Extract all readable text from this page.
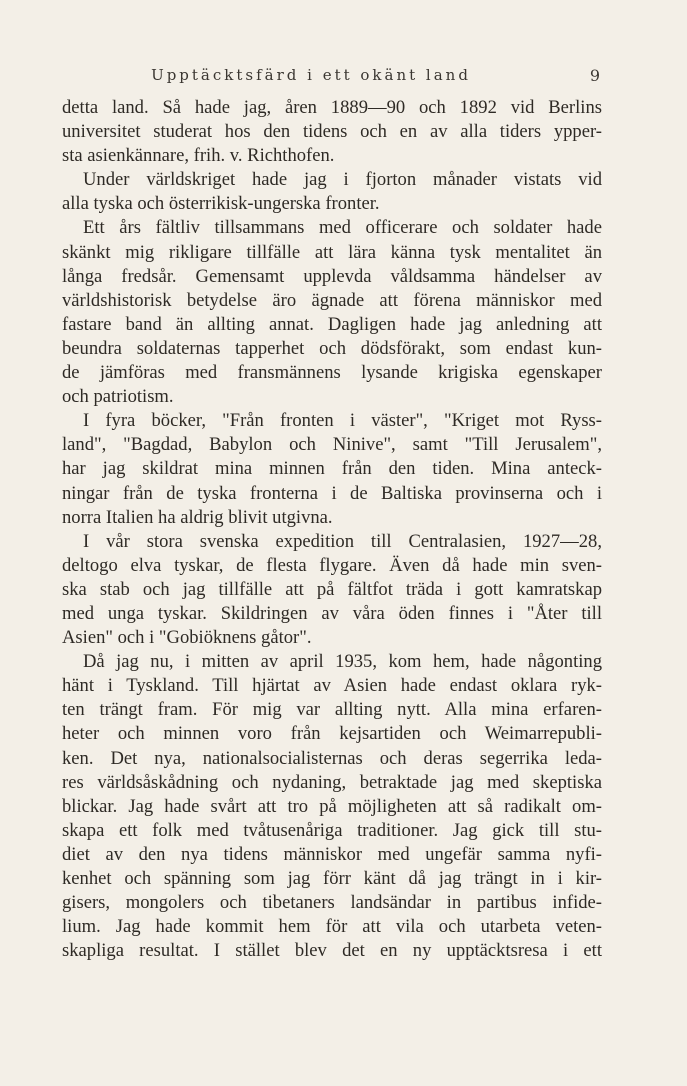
Upptäcktsfärd i ett okänt land	9
detta land. Så hade jag, åren 1889—90 och 1892 vid Berlins
universitet studerat hos den tidens och en av alla tiders ypper-
sta asienkännare, frih. v. Richthofen.
Under världskriget hade jag i fjorton månader vistats vid
alla tyska och österrikisk-ungerska fronter.
Ett års fältliv tillsammans med officerare och soldater hade
skänkt mig rikligare tillfälle att lära känna tysk mentalitet än
långa fredsår. Gemensamt upplevda våldsamma händelser av
världshistorisk betydelse äro ägnade att förena människor med
fastare band än allting annat. Dagligen hade jag anledning att
beundra soldaternas tapperhet och dödsförakt, som endast kun-
de jämföras med fransmännens lysande krigiska egenskaper
och patriotism.
I fyra böcker, "Från fronten i väster", "Kriget mot Ryss-
land", "Bagdad, Babylon och Ninive", samt "Till Jerusalem",
har jag skildrat mina minnen från den tiden. Mina anteck-
ningar från de tyska fronterna i de Baltiska provinserna och i
norra Italien ha aldrig blivit utgivna.
I vår stora svenska expedition till Centralasien, 1927—28,
deltogo elva tyskar, de flesta flygare. Även då hade min sven-
ska stab och jag tillfälle att på fältfot träda i gott kamratskap
med unga tyskar. Skildringen av våra öden finnes i "Åter till
Asien" och i "Gobiöknens gåtor".
Då jag nu, i mitten av april 1935, kom hem, hade någonting
hänt i Tyskland. Till hjärtat av Asien hade endast oklara ryk-
ten trängt fram. För mig var allting nytt. Alla mina erfaren-
heter och minnen voro från kejsartiden och Weimarrepubli-
ken. Det nya, nationalsocialisternas och deras segerrika leda-
res världsåskådning och nydaning, betraktade jag med skeptiska
blickar. Jag hade svårt att tro på möjligheten att så radikalt om-
skapa ett folk med tvåtusenåriga traditioner. Jag gick till stu-
diet av den nya tidens människor med ungefär samma nyfi-
kenhet och spänning som jag förr känt då jag trängt in i kir-
gisers, mongolers och tibetaners landsändar in partibus infide-
lium. Jag hade kommit hem för att vila och utarbeta veten-
skapliga resultat. I stället blev det en ny upptäcktsresa i ett
